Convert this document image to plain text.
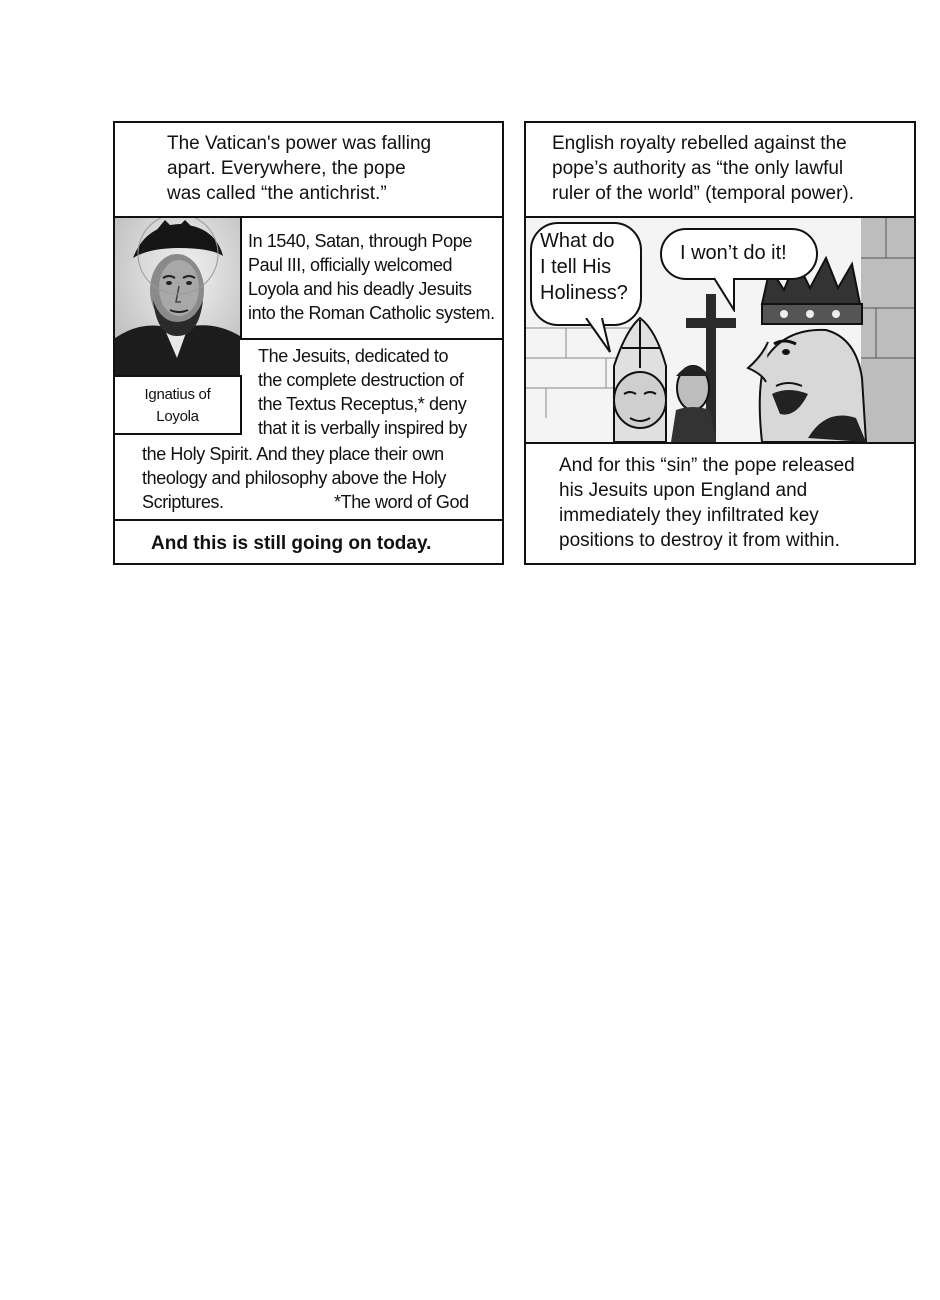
The Vatican's power was falling
apart. Everywhere, the pope
was called “the antichrist.”
In 1540, Satan, through Pope
Paul III, officially welcomed
Loyola and his deadly Jesuits
into the Roman Catholic system.
Ignatius of
Loyola
The Jesuits, dedicated to
the complete destruction of
the Textus Receptus,* deny
that it is verbally inspired by
the Holy Spirit. And they place their own
theology and philosophy above the Holy
Scriptures.	*The word of God
And this is still going on today.
English royalty rebelled against the
pope’s authority as “the only lawful
ruler of the world” (temporal power).
What do
I tell His
Holiness?
I won’t do it!
And for this “sin” the pope released
his Jesuits upon England and
immediately they infiltrated key
positions to destroy it from within.
